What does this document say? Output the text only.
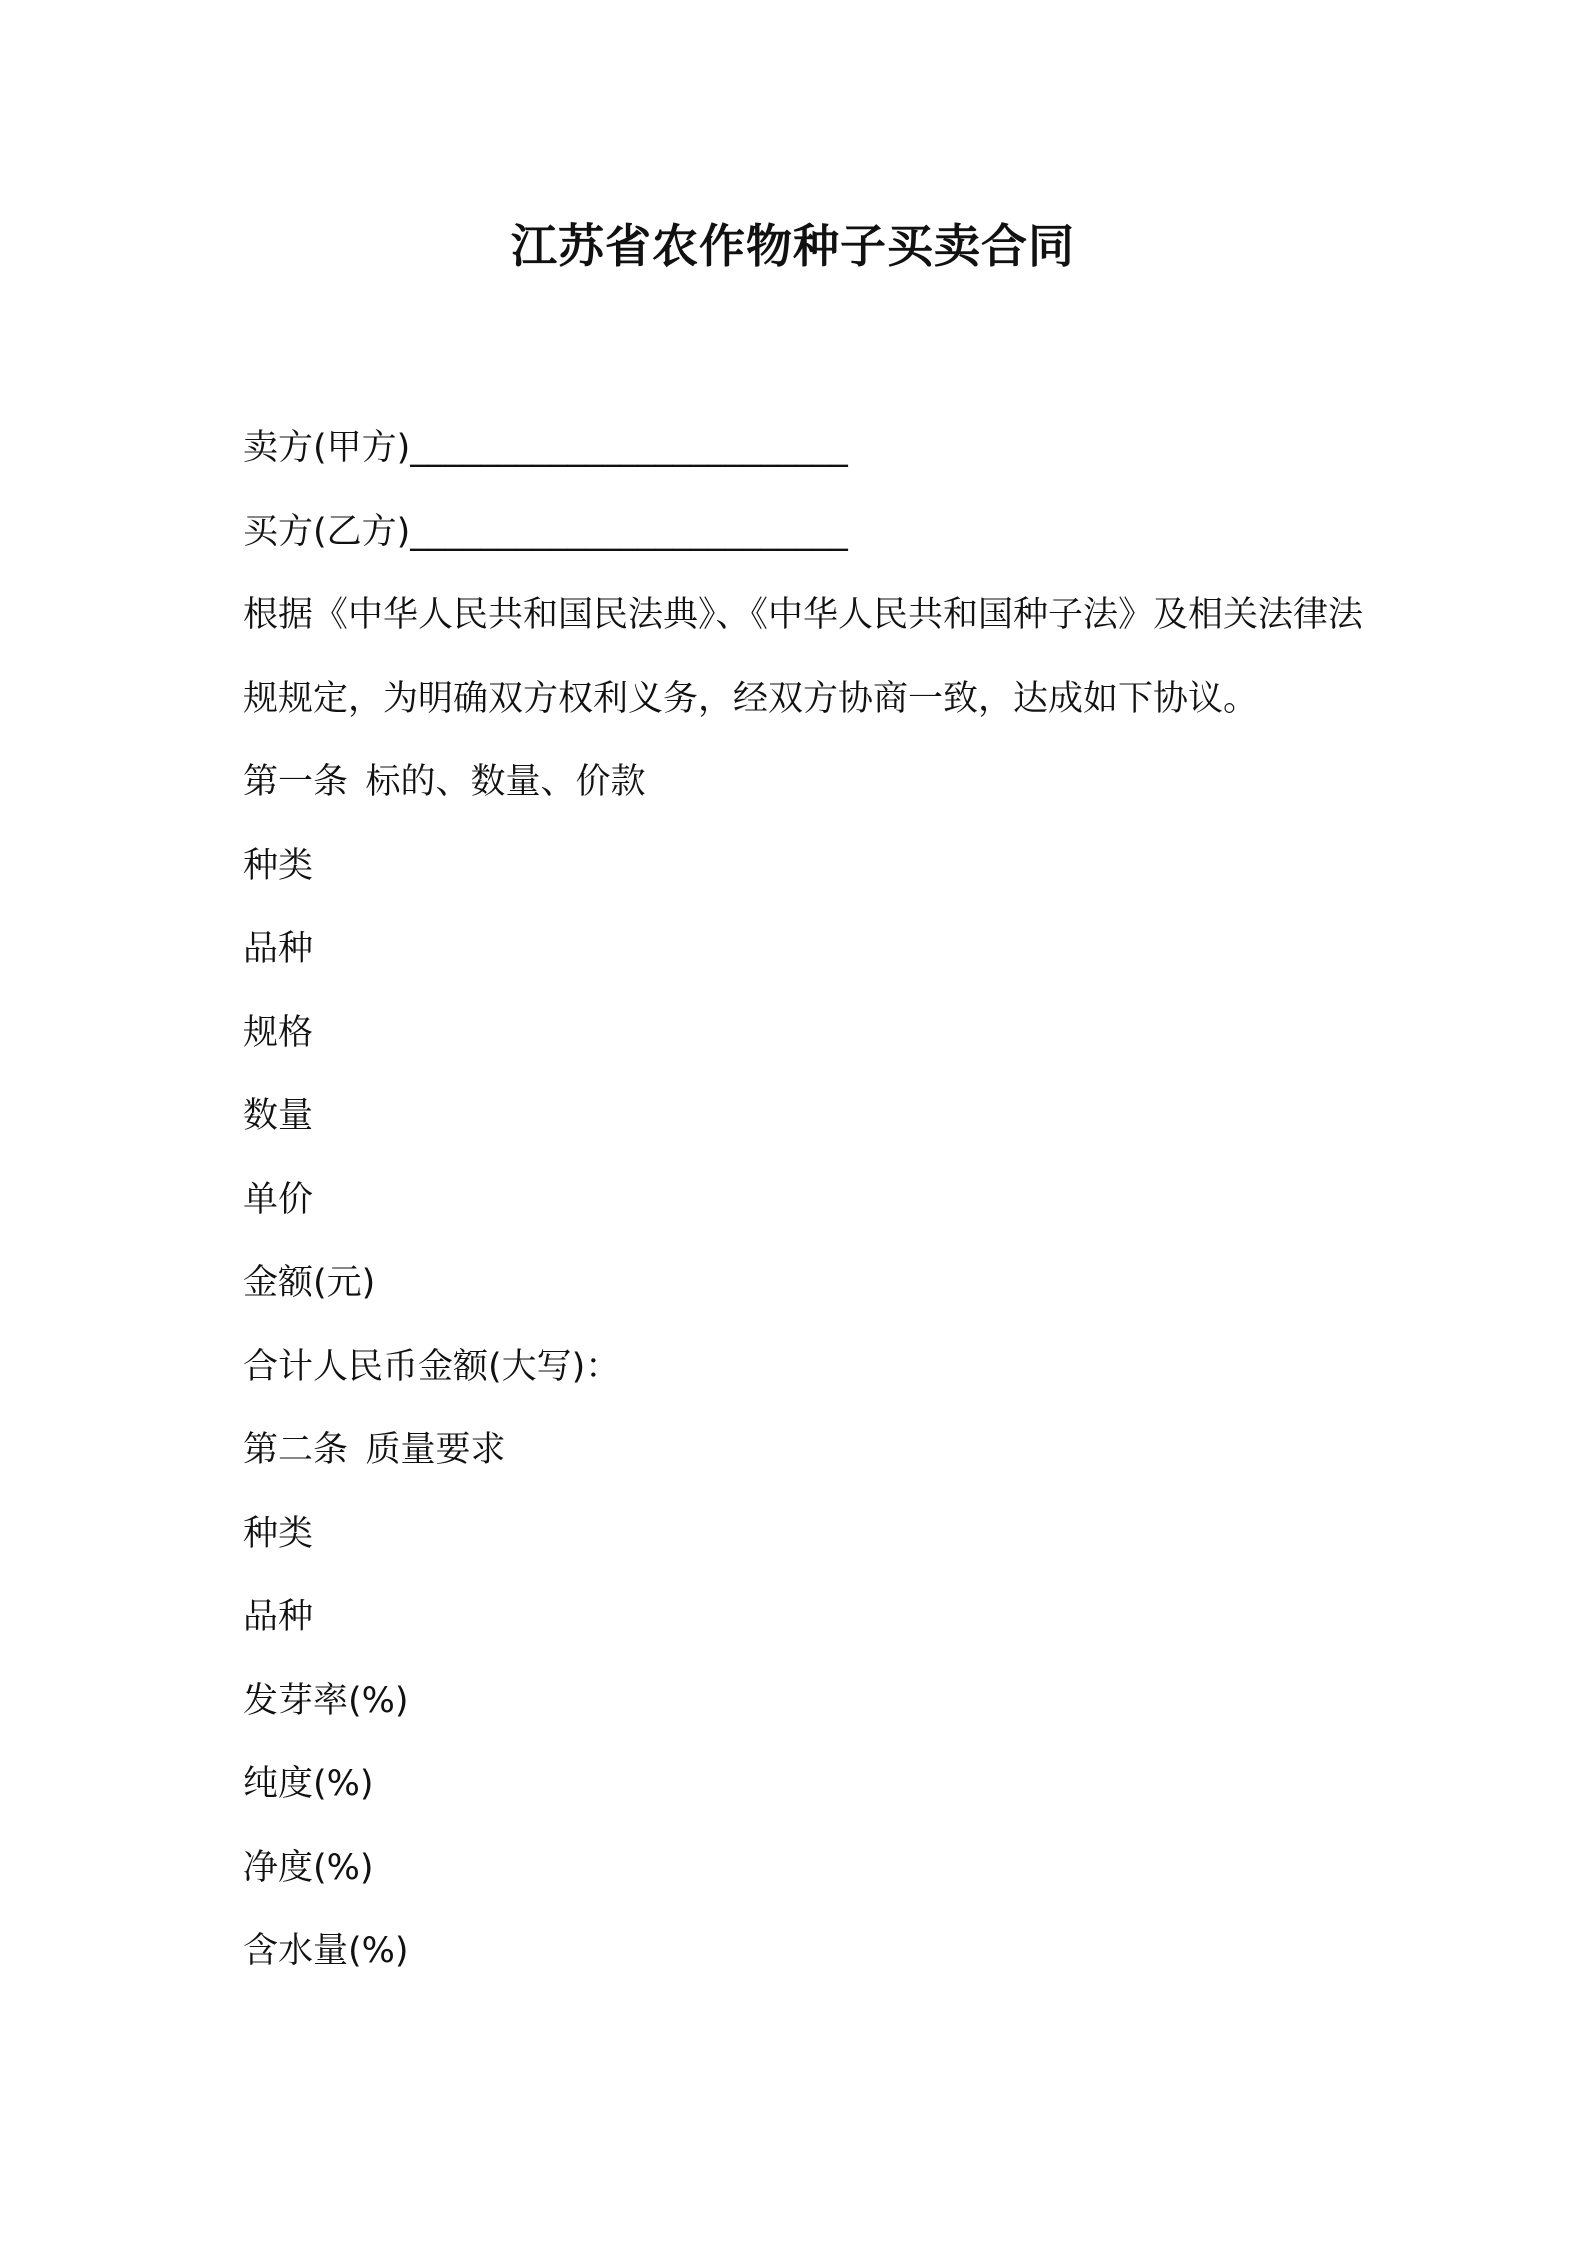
江苏省农作物种子买卖合同
卖方(甲方)_________________________
买方(乙方)_________________________
根据《中华人民共和国民法典》、《中华人民共和国种子法》及相关法律法规规定，为明确双方权利义务，经双方协商一致，达成如下协议。
第一条 标的、数量、价款
种类
品种
规格
数量
单价
金额(元)
合计人民币金额(大写)：
第二条 质量要求
种类
品种
发芽率(%)
纯度(%)
净度(%)
含水量(%)
